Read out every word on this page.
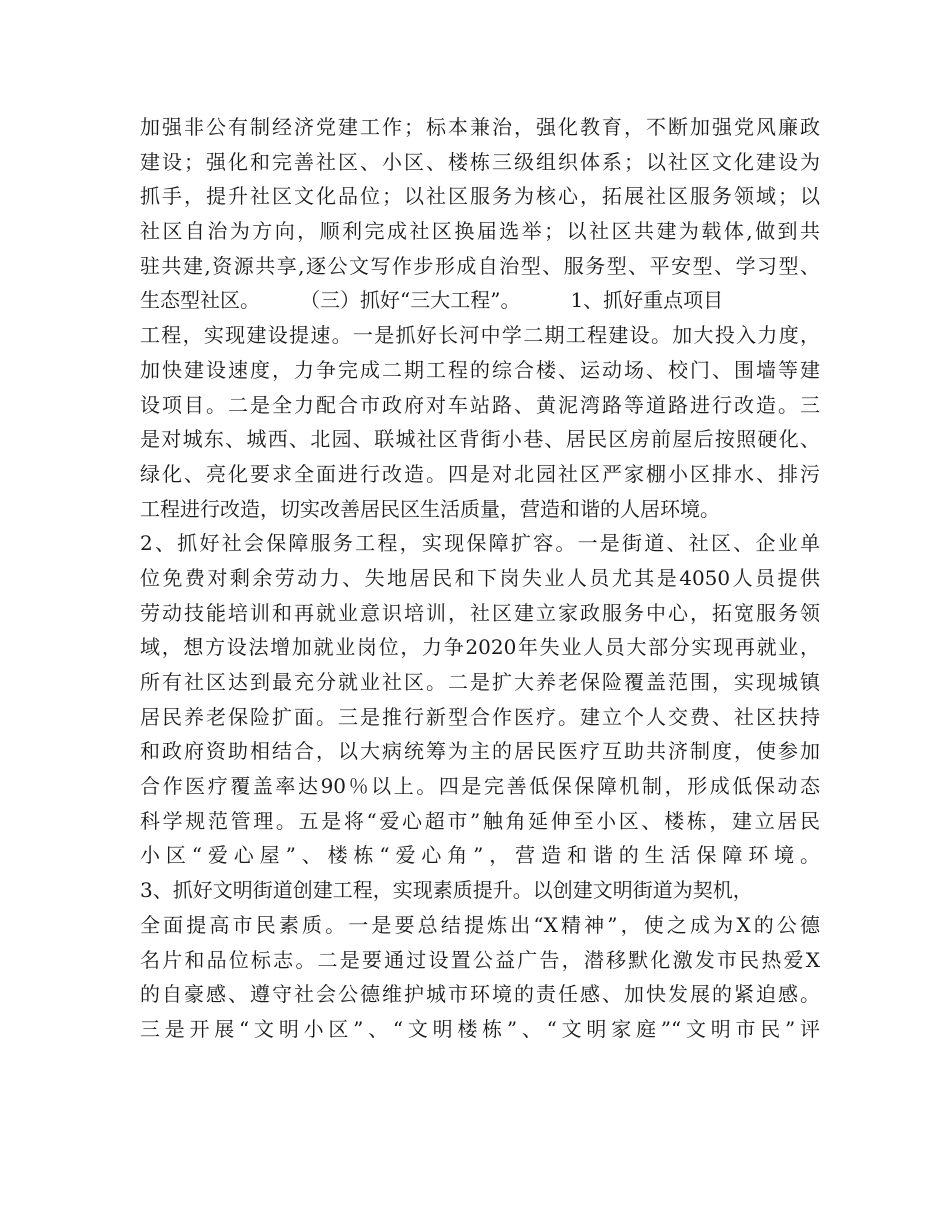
加强非公有制经济党建工作；标本兼治，强化教育，不断加强党风廉政
建设；强化和完善社区、小区、楼栋三级组织体系；以社区文化建设为
抓手，提升社区文化品位；以社区服务为核心，拓展社区服务领域；以
社区自治为方向，顺利完成社区换届选举；以社区共建为载体,做到共
驻共建,资源共享,逐公文写作步形成自治型、服务型、平安型、学习型、
生态型社区。　　　（三）抓好“三大工程”。　　　1、抓好重点项目
工程，实现建设提速。一是抓好长河中学二期工程建设。加大投入力度，
加快建设速度，力争完成二期工程的综合楼、运动场、校门、围墙等建
设项目。二是全力配合市政府对车站路、黄泥湾路等道路进行改造。三
是对城东、城西、北园、联城社区背街小巷、居民区房前屋后按照硬化、
绿化、亮化要求全面进行改造。四是对北园社区严家棚小区排水、排污
工程进行改造，切实改善居民区生活质量，营造和谐的人居环境。
2、抓好社会保障服务工程，实现保障扩容。一是街道、社区、企业单
位免费对剩余劳动力、失地居民和下岗失业人员尤其是4050人员提供
劳动技能培训和再就业意识培训，社区建立家政服务中心，拓宽服务领
域，想方设法增加就业岗位，力争2020年失业人员大部分实现再就业，
所有社区达到最充分就业社区。二是扩大养老保险覆盖范围，实现城镇
居民养老保险扩面。三是推行新型合作医疗。建立个人交费、社区扶持
和政府资助相结合，以大病统筹为主的居民医疗互助共济制度，使参加
合作医疗覆盖率达90％以上。四是完善低保保障机制，形成低保动态
科学规范管理。五是将“爱心超市”触角延伸至小区、楼栋，建立居民
小区“爱心屋”、楼栋“爱心角”，营造和谐的生活保障环境。
3、抓好文明街道创建工程，实现素质提升。以创建文明街道为契机，
全面提高市民素质。一是要总结提炼出“X精神”，使之成为X的公德
名片和品位标志。二是要通过设置公益广告，潜移默化激发市民热爱X
的自豪感、遵守社会公德维护城市环境的责任感、加快发展的紧迫感。
三是开展“文明小区”、“文明楼栋”、“文明家庭”“文明市民”评
